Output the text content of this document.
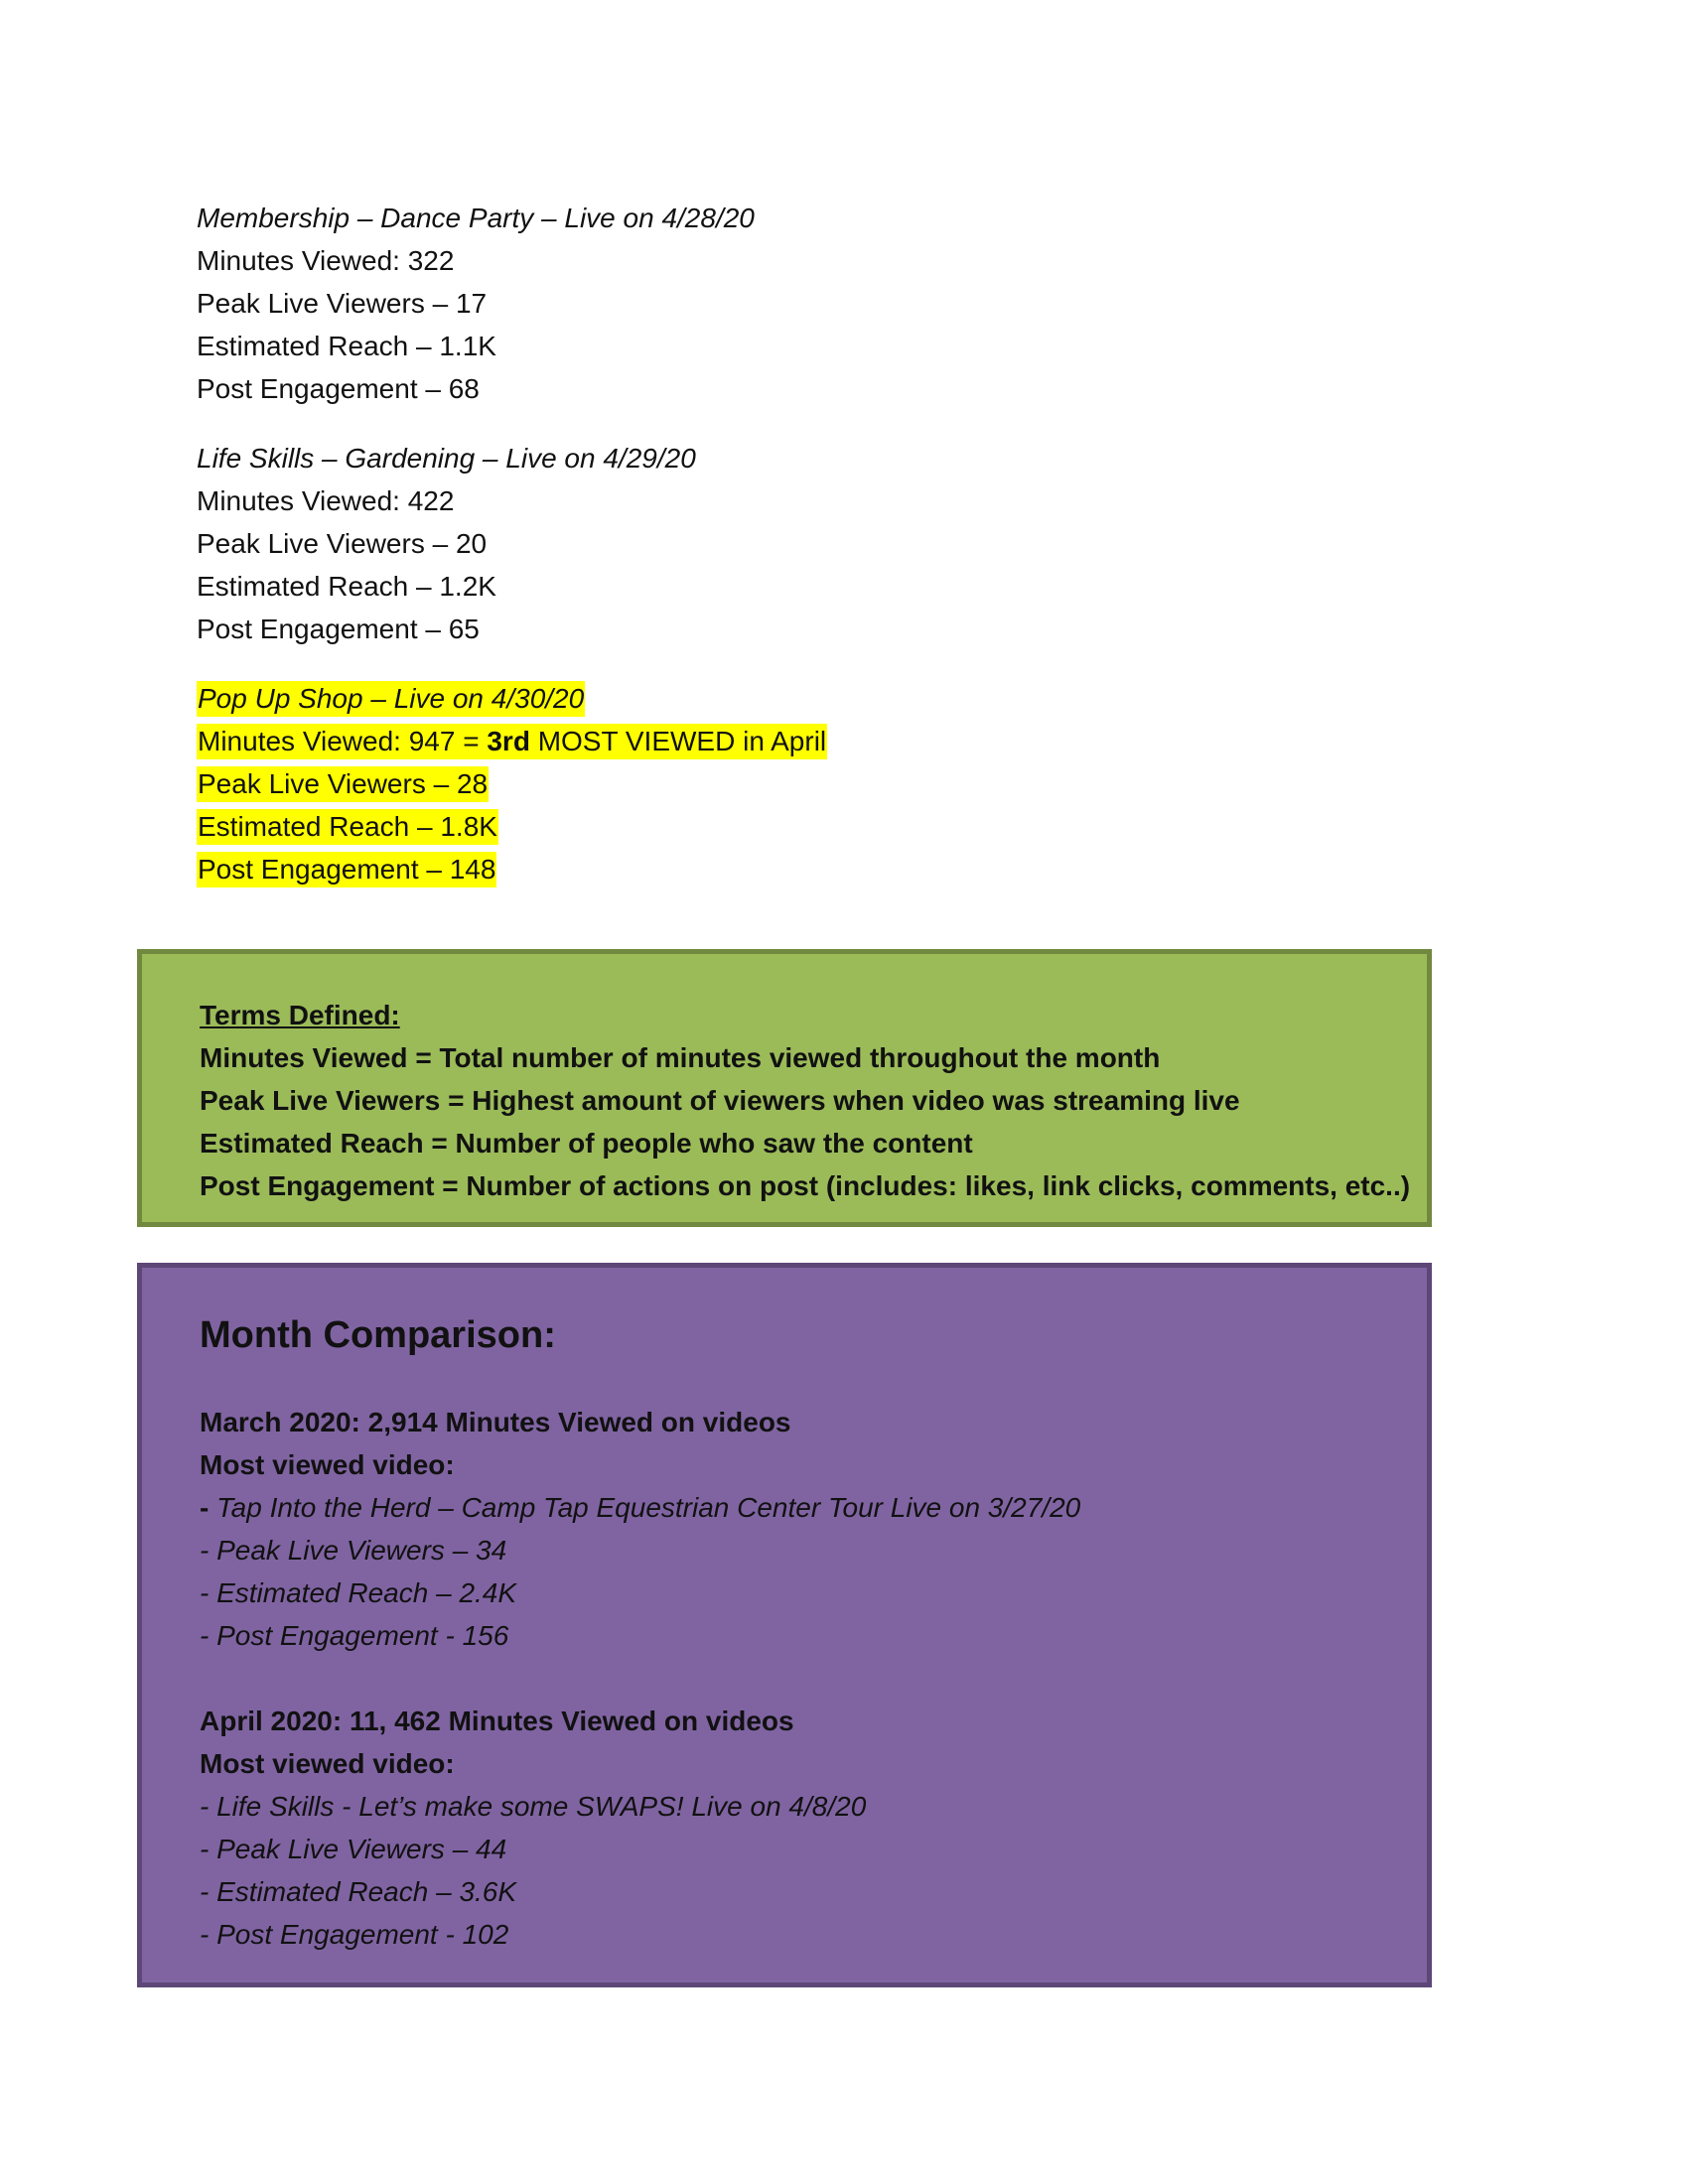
Membership – Dance Party – Live on 4/28/20
Minutes Viewed: 322
Peak Live Viewers – 17
Estimated Reach – 1.1K
Post Engagement – 68
Life Skills – Gardening – Live on 4/29/20
Minutes Viewed: 422
Peak Live Viewers – 20
Estimated Reach – 1.2K
Post Engagement – 65
Pop Up Shop – Live on 4/30/20
Minutes Viewed: 947 = 3rd MOST VIEWED in April
Peak Live Viewers – 28
Estimated Reach – 1.8K
Post Engagement – 148
Terms Defined:
Minutes Viewed = Total number of minutes viewed throughout the month
Peak Live Viewers = Highest amount of viewers when video was streaming live
Estimated Reach = Number of people who saw the content
Post Engagement = Number of actions on post (includes: likes, link clicks, comments, etc..)
Month Comparison:
March 2020: 2,914 Minutes Viewed on videos
Most viewed video:
- Tap Into the Herd – Camp Tap Equestrian Center Tour Live on 3/27/20
- Peak Live Viewers – 34
- Estimated Reach – 2.4K
- Post Engagement - 156
April 2020: 11, 462 Minutes Viewed on videos
Most viewed video:
- Life Skills - Let’s make some SWAPS! Live on 4/8/20
- Peak Live Viewers – 44
- Estimated Reach – 3.6K
- Post Engagement - 102
